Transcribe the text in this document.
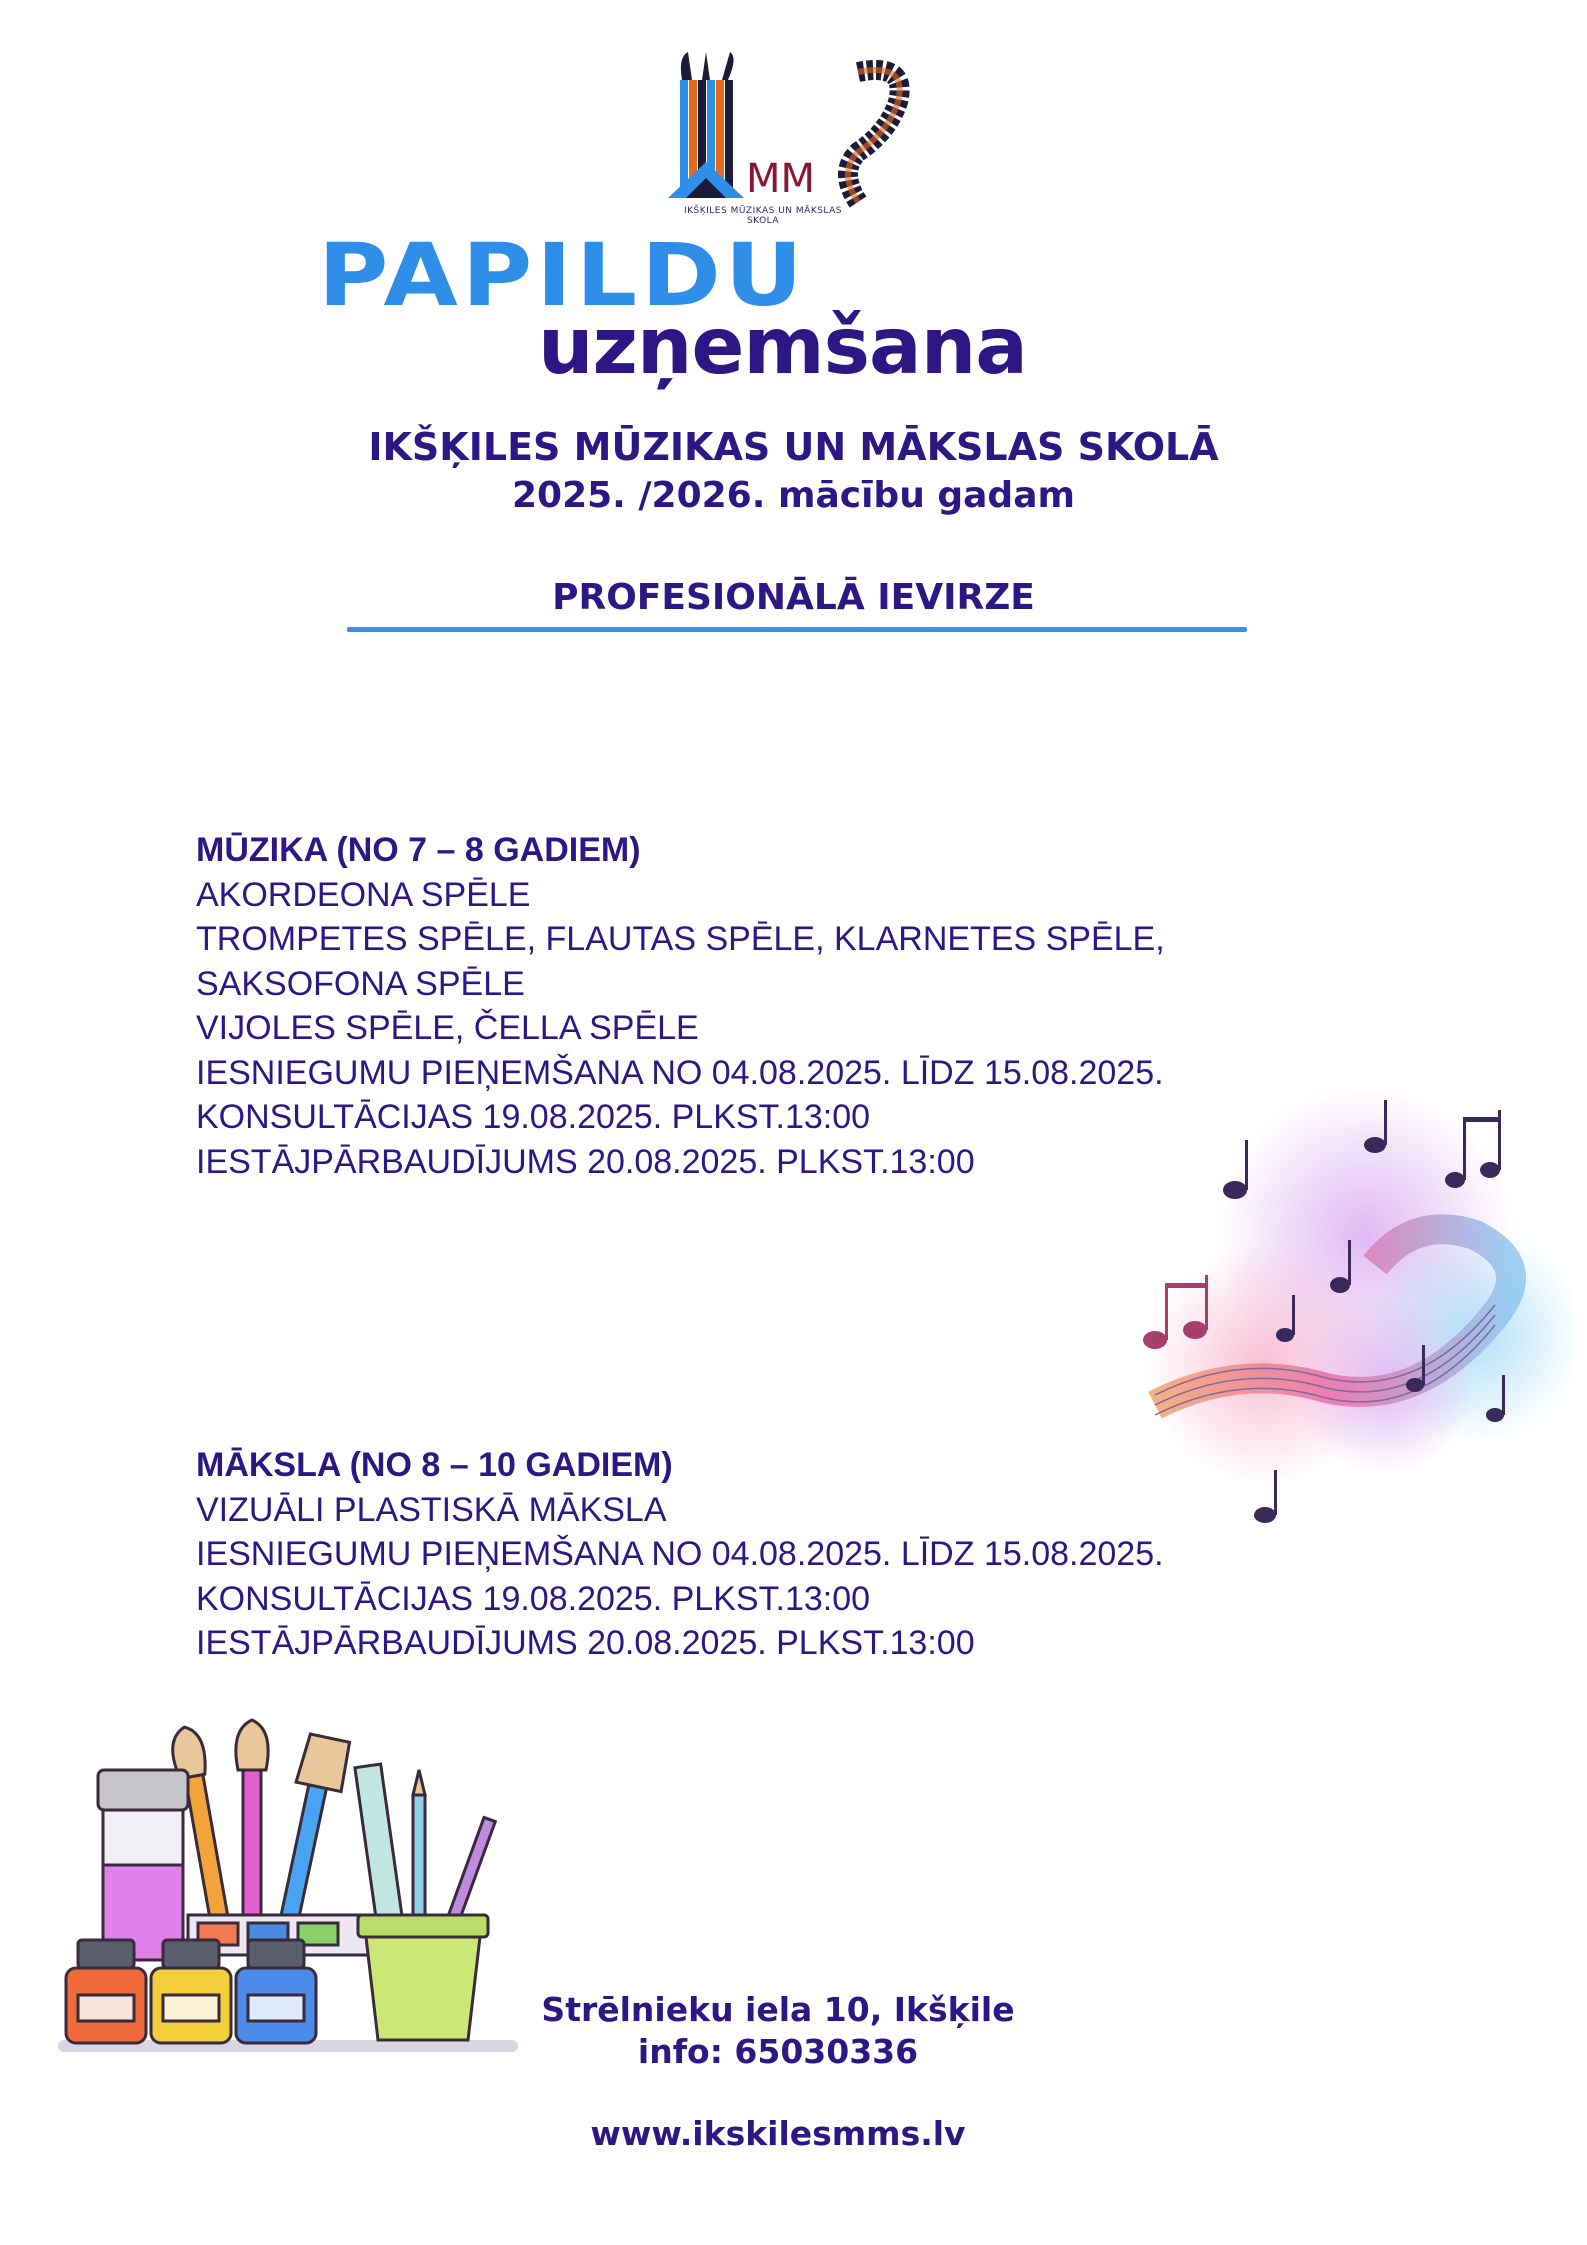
MM
IKŠĶILES MŪZIKAS UN MĀKSLAS SKOLA
PAPILDU
uzņemšana
IKŠĶILES MŪZIKAS UN MĀKSLAS SKOLĀ
2025. /2026. mācību gadam
PROFESIONĀLĀ IEVIRZE
MŪZIKA (NO 7 – 8 GADIEM)
AKORDEONA SPĒLE
TROMPETES SPĒLE, FLAUTAS SPĒLE, KLARNETES SPĒLE,
SAKSOFONA SPĒLE
VIJOLES SPĒLE, ČELLA SPĒLE
IESNIEGUMU PIEŅEMŠANA NO 04.08.2025. LĪDZ 15.08.2025.
KONSULTĀCIJAS 19.08.2025. PLKST.13:00
IESTĀJPĀRBAUDĪJUMS 20.08.2025. PLKST.13:00
MĀKSLA (NO 8 – 10 GADIEM)
VIZUĀLI PLASTISKĀ MĀKSLA
IESNIEGUMU PIEŅEMŠANA NO 04.08.2025. LĪDZ 15.08.2025.
KONSULTĀCIJAS 19.08.2025. PLKST.13:00
IESTĀJPĀRBAUDĪJUMS 20.08.2025. PLKST.13:00
Strēlnieku iela 10, Ikšķile
info: 65030336
www.ikskilesmms.lv
